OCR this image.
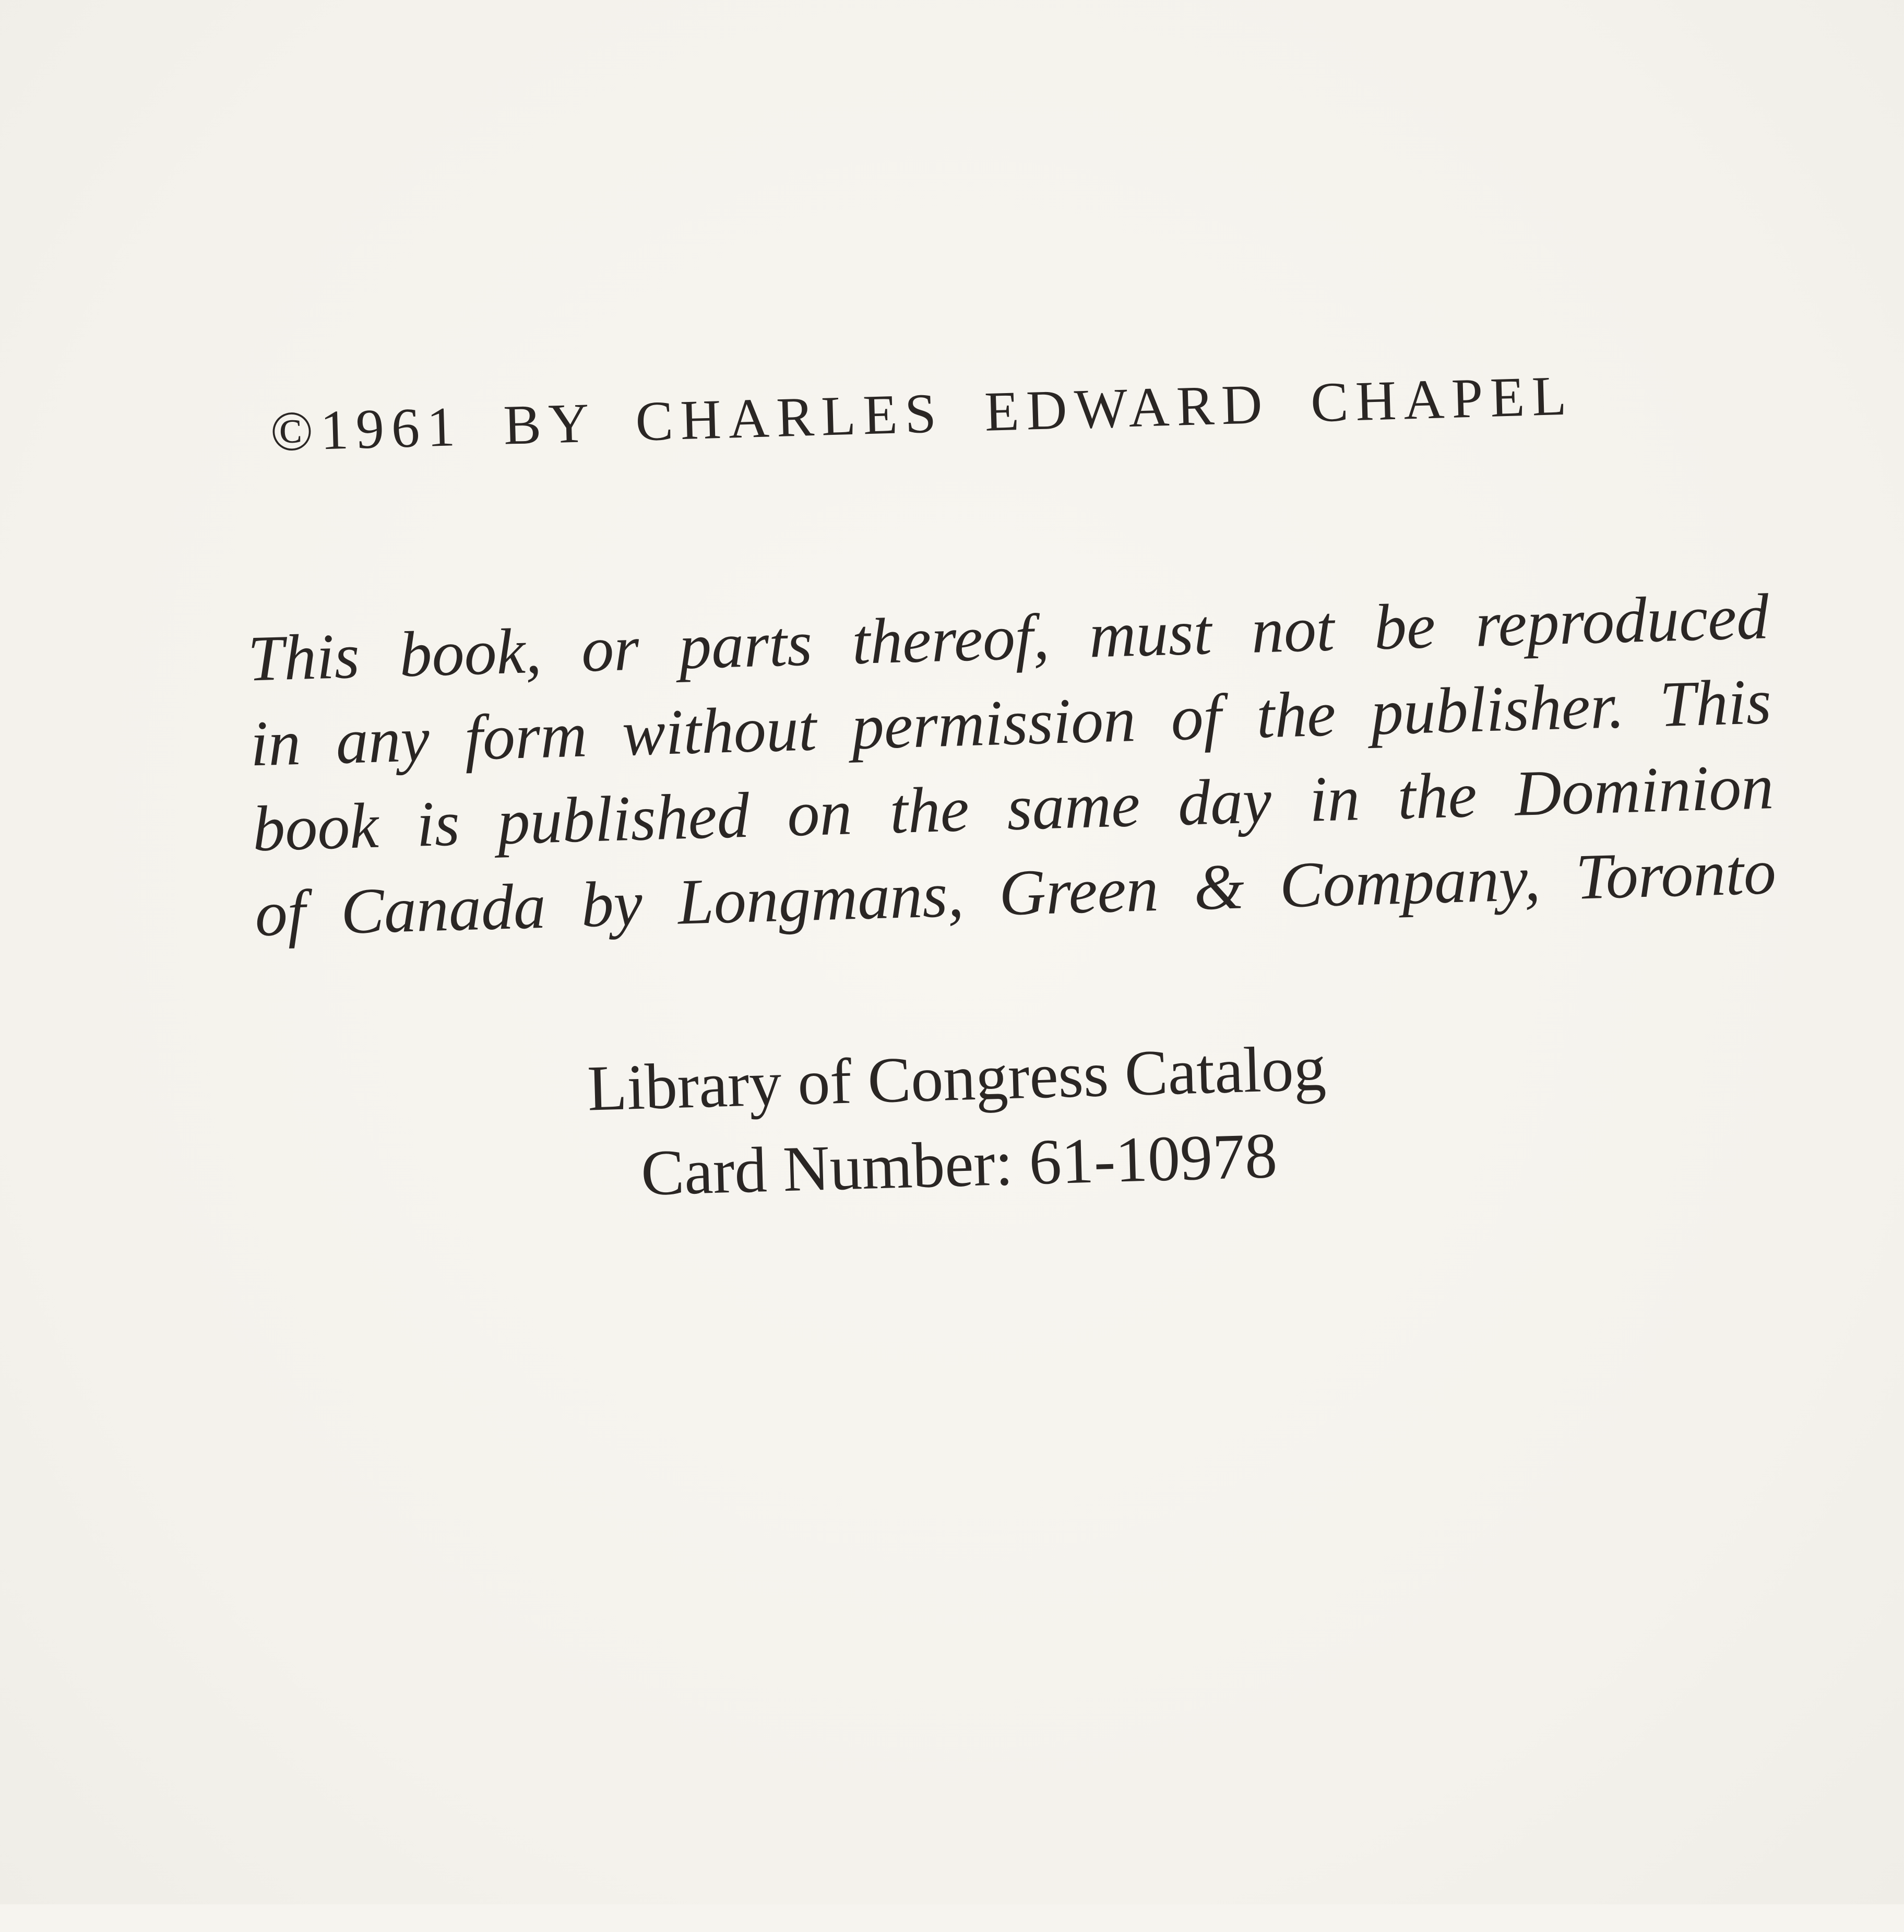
©1961 BY CHARLES EDWARD CHAPEL
This book, or parts thereof, must not be reproduced
in any form without permission of the publisher. This
book is published on the same day in the Dominion
of Canada by Longmans, Green & Company, Toronto
Library of Congress Catalog
Card Number: 61-10978
